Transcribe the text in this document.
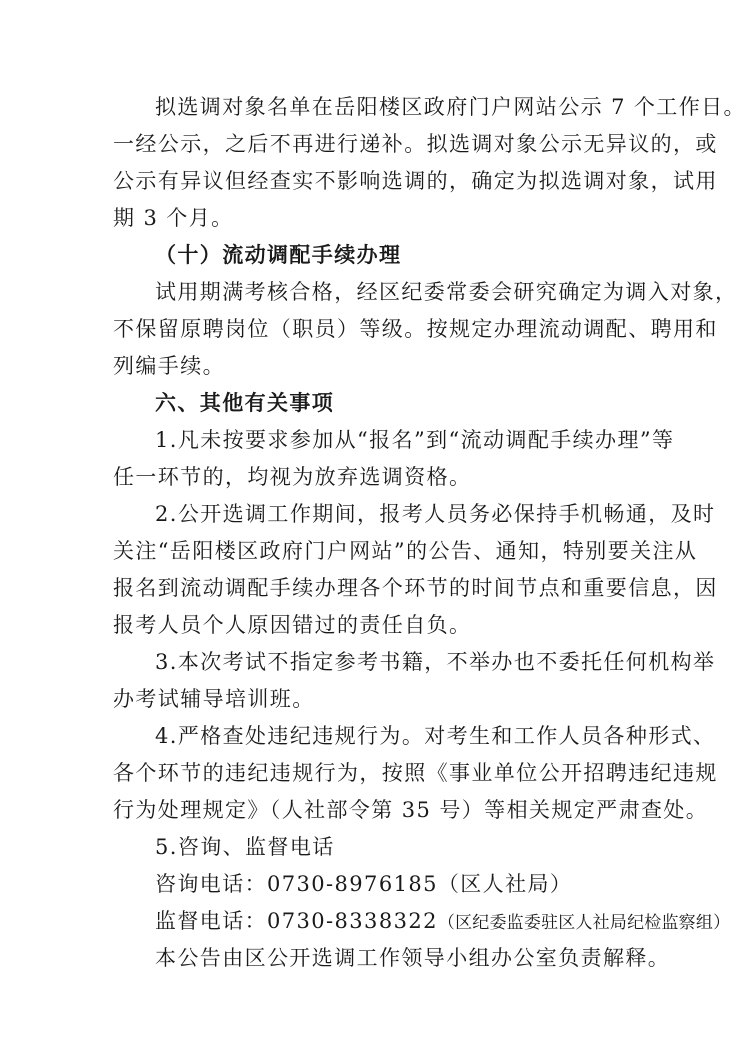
拟选调对象名单在岳阳楼区政府门户网站公示 7 个工作日。
一经公示，之后不再进行递补。拟选调对象公示无异议的，或
公示有异议但经查实不影响选调的，确定为拟选调对象，试用
期 3 个月。
（十）流动调配手续办理
试用期满考核合格，经区纪委常委会研究确定为调入对象，
不保留原聘岗位（职员）等级。按规定办理流动调配、聘用和
列编手续。
六、其他有关事项
1.凡未按要求参加从“报名”到“流动调配手续办理”等
任一环节的，均视为放弃选调资格。
2.公开选调工作期间，报考人员务必保持手机畅通，及时
关注“岳阳楼区政府门户网站”的公告、通知，特别要关注从
报名到流动调配手续办理各个环节的时间节点和重要信息，因
报考人员个人原因错过的责任自负。
3.本次考试不指定参考书籍，不举办也不委托任何机构举
办考试辅导培训班。
4.严格查处违纪违规行为。对考生和工作人员各种形式、
各个环节的违纪违规行为，按照《事业单位公开招聘违纪违规
行为处理规定》（人社部令第 35 号）等相关规定严肃查处。
5.咨询、监督电话
咨询电话：0730-8976185（区人社局）
监督电话：0730-8338322（区纪委监委驻区人社局纪检监察组）
本公告由区公开选调工作领导小组办公室负责解释。
